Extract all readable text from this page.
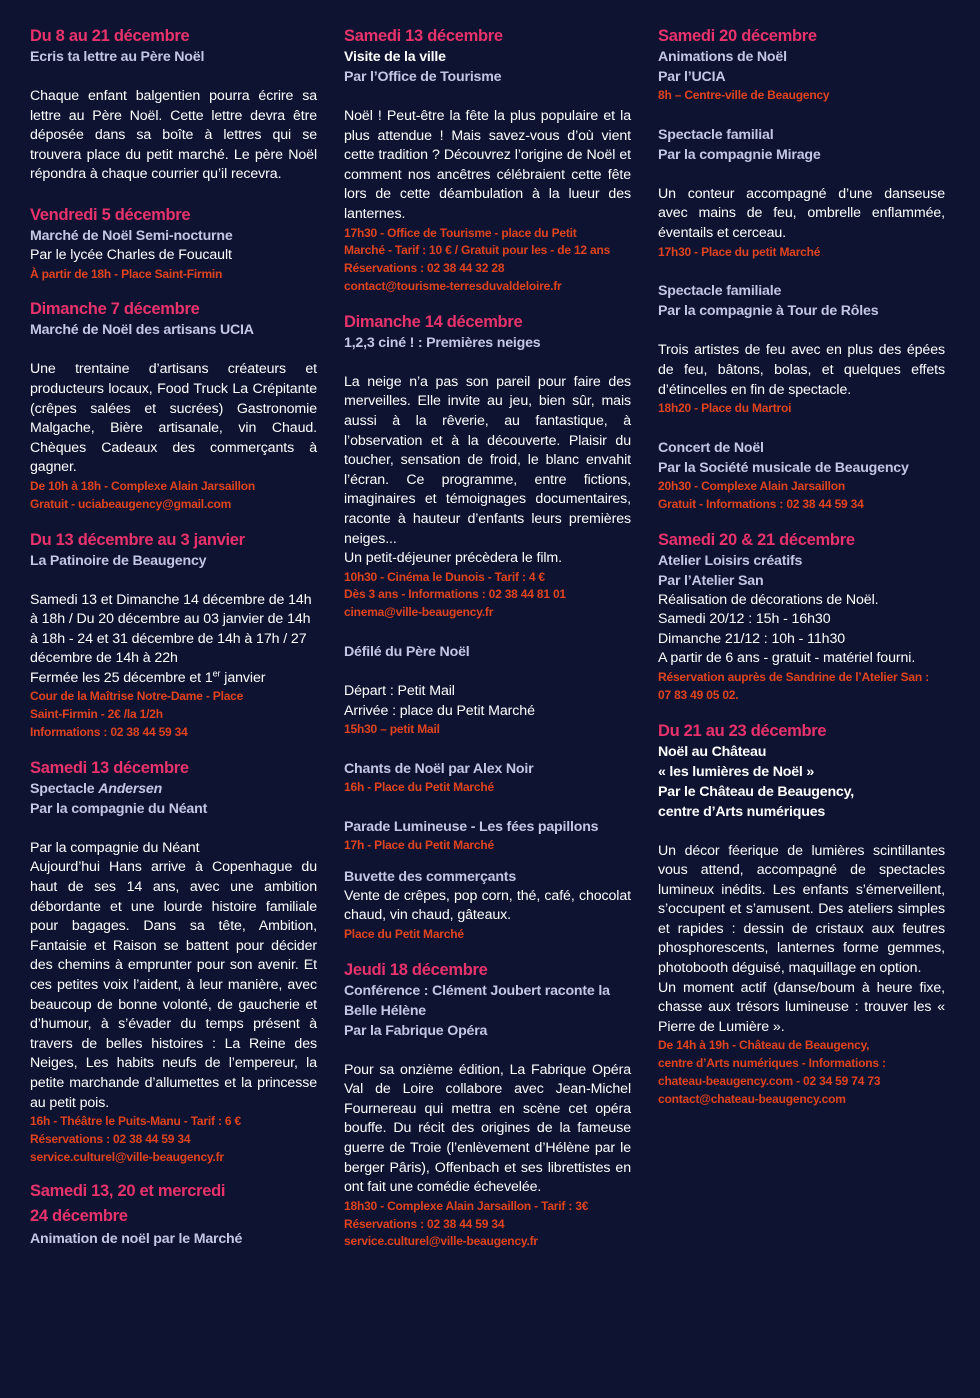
Du 8 au 21 décembre

Ecris ta lettre au Père Noël

Chaque enfant balgentien pourra écrire sa lettre au Père Noël. Cette lettre devra être déposée dans sa boîte à lettres qui se trouvera place du petit marché. Le père Noël répondra à chaque courrier qu’il recevra.

Vendredi 5 décembre

Marché de Noël Semi-nocturne

Par le lycée Charles de Foucault

À partir de 18h - Place Saint-Firmin

Dimanche 7 décembre

Marché de Noël des artisans UCIA

Une trentaine d’artisans créateurs et producteurs locaux, Food Truck La Crépitante (crêpes salées et sucrées) Gastronomie Malgache, Bière artisanale, vin Chaud. Chèques Cadeaux des commerçants à gagner.

De 10h à 18h - Complexe Alain Jarsaillon

Gratuit - uciabeaugency@gmail.com

Du 13 décembre au 3 janvier

La Patinoire de Beaugency

Samedi 13 et Dimanche 14 décembre de 14h à 18h / Du 20 décembre au 03 janvier de 14h à 18h - 24 et 31 décembre de 14h à 17h / 27 décembre de 14h à 22h

Fermée les 25 décembre et 1er janvier

Cour de la Maîtrise Notre-Dame - Place

Saint-Firmin - 2€ /la 1/2h

Informations : 02 38 44 59 34

Samedi 13 décembre

Spectacle Andersen

Par la compagnie du Néant

Par la compagnie du Néant

Aujourd’hui Hans arrive à Copenhague du haut de ses 14 ans, avec une ambition débordante et une lourde histoire familiale pour bagages. Dans sa tête, Ambition, Fantaisie et Raison se battent pour décider des chemins à emprunter pour son avenir. Et ces petites voix l’aident, à leur manière, avec beaucoup de bonne volonté, de gaucherie et d’humour, à s’évader du temps présent à travers de belles histoires : La Reine des Neiges, Les habits neufs de l’empereur, la petite marchande d’allumettes et la princesse au petit pois.

16h - Théâtre le Puits-Manu - Tarif : 6 €

Réservations : 02 38 44 59 34

service.culturel@ville-beaugency.fr

Samedi 13, 20 et mercredi

24 décembre

Animation de noël par le Marché

Samedi 13 décembre

Visite de la ville

Par l’Office de Tourisme

Noël ! Peut-être la fête la plus populaire et la plus attendue ! Mais savez-vous d’où vient cette tradition ? Découvrez l’origine de Noël et comment nos ancêtres célébraient cette fête lors de cette déambulation à la lueur des lanternes.

17h30 - Office de Tourisme - place du Petit

Marché - Tarif : 10 € / Gratuit pour les - de 12 ans

Réservations : 02 38 44 32 28

contact@tourisme-terresduvaldeloire.fr

Dimanche 14 décembre

1,2,3 ciné ! : Premières neiges

La neige n’a pas son pareil pour faire des merveilles. Elle invite au jeu, bien sûr, mais aussi à la rêverie, au fantastique, à l’observation et à la découverte. Plaisir du toucher, sensation de froid, le blanc envahit l’écran. Ce programme, entre fictions, imaginaires et témoignages documentaires, raconte à hauteur d’enfants leurs premières neiges...

Un petit-déjeuner précèdera le film.

10h30 - Cinéma le Dunois - Tarif : 4 €

Dès 3 ans - Informations : 02 38 44 81 01

cinema@ville-beaugency.fr

Défilé du Père Noël

Départ : Petit Mail

Arrivée : place du Petit Marché

15h30 – petit Mail

Chants de Noël par Alex Noir

16h - Place du Petit Marché

Parade Lumineuse - Les fées papillons

17h - Place du Petit Marché

Buvette des commerçants

Vente de crêpes, pop corn, thé, café, chocolat chaud, vin chaud, gâteaux.

Place du Petit Marché

Jeudi 18 décembre

Conférence : Clément Joubert raconte la

Belle Hélène

Par la Fabrique Opéra

Pour sa onzième édition, La Fabrique Opéra Val de Loire collabore avec Jean-Michel Fournereau qui mettra en scène cet opéra bouffe. Du récit des origines de la fameuse guerre de Troie (l’enlèvement d’Hélène par le berger Pâris), Offenbach et ses librettistes en ont fait une comédie échevelée.

18h30 - Complexe Alain Jarsaillon - Tarif : 3€

Réservations : 02 38 44 59 34

service.culturel@ville-beaugency.fr

Samedi 20 décembre

Animations de Noël

Par l’UCIA

8h – Centre-ville de Beaugency

Spectacle familial

Par la compagnie Mirage

Un conteur accompagné d’une danseuse avec mains de feu, ombrelle enflammée, éventails et cerceau.

17h30 - Place du petit Marché

Spectacle familiale

Par la compagnie à Tour de Rôles

Trois artistes de feu avec en plus des épées de feu, bâtons, bolas, et quelques effets d’étincelles en fin de spectacle.

18h20 - Place du Martroi

Concert de Noël

Par la Société musicale de Beaugency

20h30 - Complexe Alain Jarsaillon

Gratuit - Informations : 02 38 44 59 34

Samedi 20 & 21 décembre

Atelier Loisirs créatifs

Par l’Atelier San

Réalisation de décorations de Noël.

Samedi 20/12 : 15h - 16h30

Dimanche 21/12 : 10h - 11h30

A partir de 6 ans - gratuit - matériel fourni.

Réservation auprès de Sandrine de l’Atelier San :

07 83 49 05 02.

Du 21 au 23 décembre

Noël au Château

« les lumières de Noël »

Par le Château de Beaugency,

centre d’Arts numériques

Un décor féerique de lumières scintillantes vous attend, accompagné de spectacles lumineux inédits. Les enfants s’émerveillent, s’occupent et s’amusent. Des ateliers simples et rapides : dessin de cristaux aux feutres phosphorescents, lanternes forme gemmes, photobooth déguisé, maquillage en option.

Un moment actif (danse/boum à heure fixe, chasse aux trésors lumineuse : trouver les « Pierre de Lumière ».

De 14h à 19h - Château de Beaugency,

centre d’Arts numériques - Informations :

chateau-beaugency.com - 02 34 59 74 73

contact@chateau-beaugency.com
